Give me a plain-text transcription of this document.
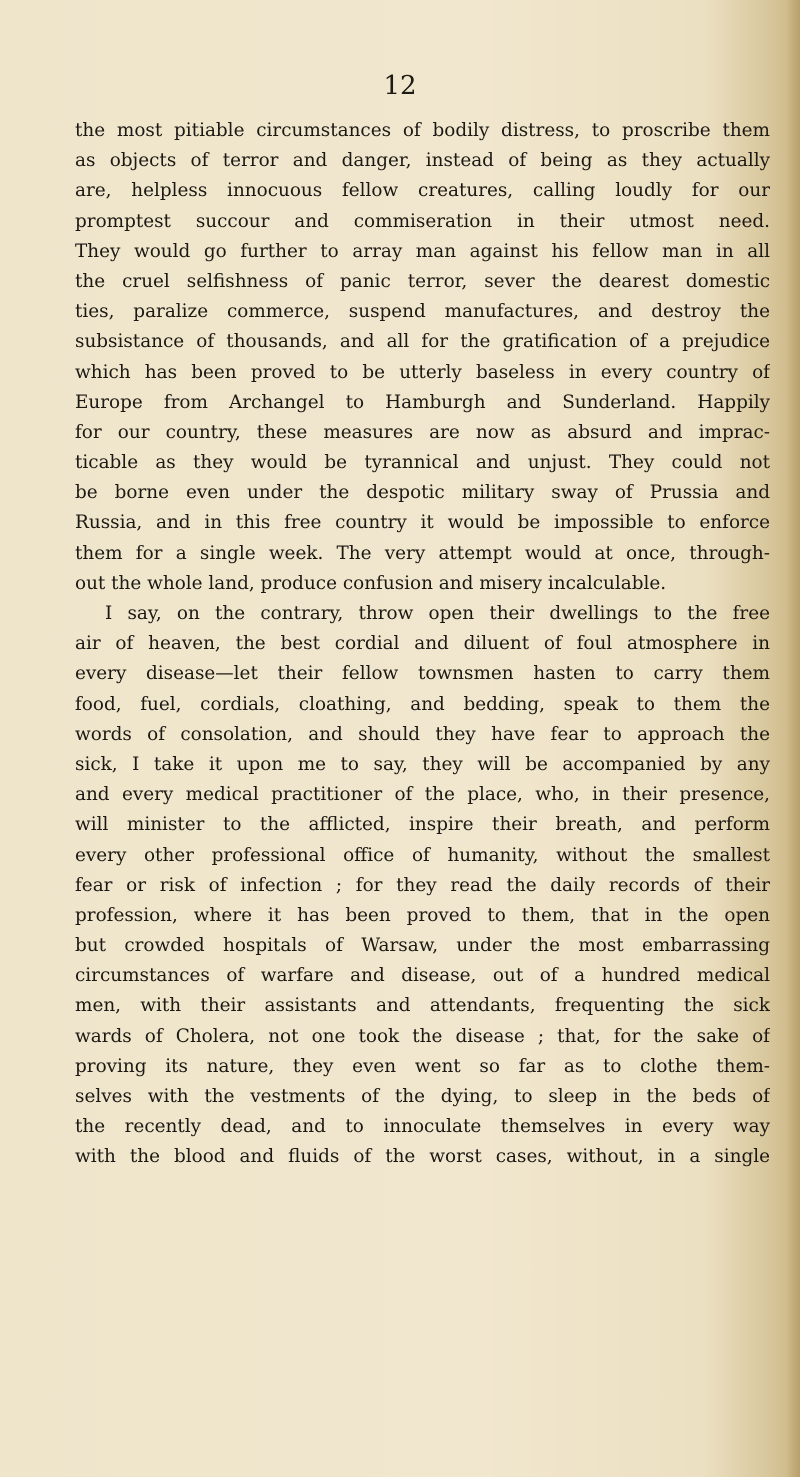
12
the most pitiable circumstances of bodily distress, to proscribe them
as objects of terror and danger, instead of being as they actually
are, helpless innocuous fellow creatures, calling loudly for our
promptest succour and commiseration in their utmost need.
They would go further to array man against his fellow man in all
the cruel selfishness of panic terror, sever the dearest domestic
ties, paralize commerce, suspend manufactures, and destroy the
subsistance of thousands, and all for the gratification of a prejudice
which has been proved to be utterly baseless in every country of
Europe from Archangel to Hamburgh and Sunderland. Happily
for our country, these measures are now as absurd and imprac-
ticable as they would be tyrannical and unjust. They could not
be borne even under the despotic military sway of Prussia and
Russia, and in this free country it would be impossible to enforce
them for a single week. The very attempt would at once, through-
out the whole land, produce confusion and misery incalculable.
I say, on the contrary, throw open their dwellings to the free
air of heaven, the best cordial and diluent of foul atmosphere in
every disease—let their fellow townsmen hasten to carry them
food, fuel, cordials, cloathing, and bedding, speak to them the
words of consolation, and should they have fear to approach the
sick, I take it upon me to say, they will be accompanied by any
and every medical practitioner of the place, who, in their presence,
will minister to the afflicted, inspire their breath, and perform
every other professional office of humanity, without the smallest
fear or risk of infection ; for they read the daily records of their
profession, where it has been proved to them, that in the open
but crowded hospitals of Warsaw, under the most embarrassing
circumstances of warfare and disease, out of a hundred medical
men, with their assistants and attendants, frequenting the sick
wards of Cholera, not one took the disease ; that, for the sake of
proving its nature, they even went so far as to clothe them-
selves with the vestments of the dying, to sleep in the beds of
the recently dead, and to innoculate themselves in every way
with the blood and fluids of the worst cases, without, in a single
